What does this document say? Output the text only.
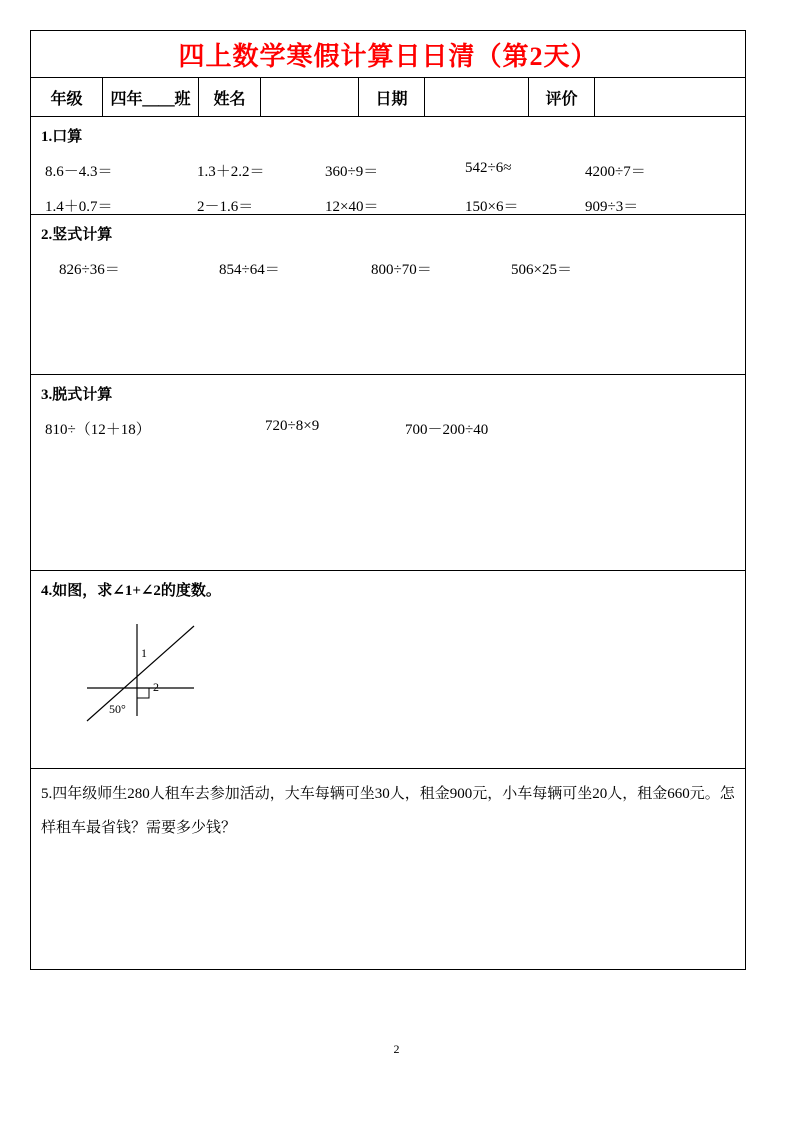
四上数学寒假计算日日清（第2天）
年级	四年＿＿班	姓名	日期	评价
1.口算
8.6－4.3＝	1.3＋2.2＝	360÷9＝	542÷6≈	4200÷7＝
1.4＋0.7＝	2－1.6＝	12×40＝	150×6＝	909÷3＝
2.竖式计算
826÷36＝	854÷64＝	800÷70＝	506×25＝
3.脱式计算
810÷（12＋18）	720÷8×9	700－200÷40
4.如图，求∠1+∠2的度数。
1
2
50°
5.四年级师生280人租车去参加活动，大车每辆可坐30人，租金900元，小车每辆可坐20人，租金660元。怎样租车最省钱？需要多少钱？
2
